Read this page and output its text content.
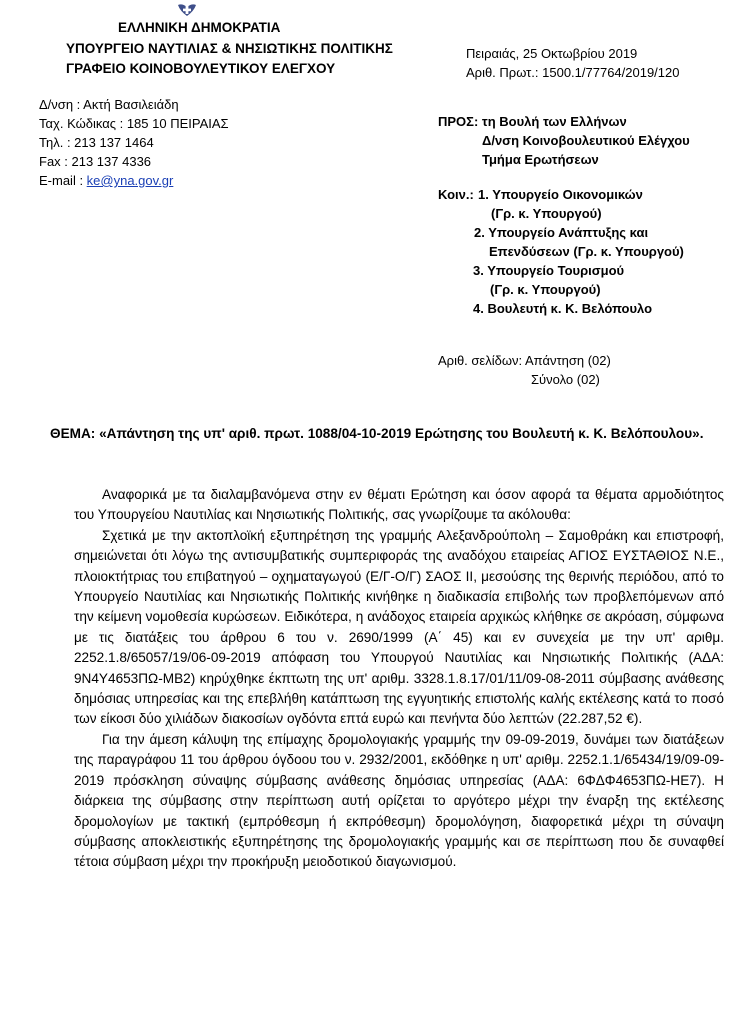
ΕΛΛΗΝΙΚΗ ΔΗΜΟΚΡΑΤΙΑ
ΥΠΟΥΡΓΕΙΟ ΝΑΥΤΙΛΙΑΣ & ΝΗΣΙΩΤΙΚΗΣ ΠΟΛΙΤΙΚΗΣ
ΓΡΑΦΕΙΟ ΚΟΙΝΟΒΟΥΛΕΥΤΙΚΟΥ ΕΛΕΓΧΟΥ
Πειραιάς, 25 Οκτωβρίου 2019
Αριθ. Πρωτ.: 1500.1/77764/2019/120
Δ/νση : Ακτή Βασιλειάδη
Ταχ. Κώδικας : 185 10 ΠΕΙΡΑΙΑΣ
Τηλ. : 213 137 1464
Fax : 213 137 4336
E-mail : ke@yna.gov.gr
ΠΡΟΣ: τη Βουλή των Ελλήνων
Δ/νση Κοινοβουλευτικού Ελέγχου
Τμήμα Ερωτήσεων
Κοιν.: 1. Υπουργείο Οικονομικών
(Γρ. κ. Υπουργού)
2. Υπουργείο Ανάπτυξης και
Επενδύσεων (Γρ. κ. Υπουργού)
3. Υπουργείο Τουρισμού
(Γρ. κ. Υπουργού)
4. Βουλευτή κ. Κ. Βελόπουλο
Αριθ. σελίδων: Απάντηση (02)
Σύνολο (02)
ΘΕΜΑ: «Απάντηση της υπ' αριθ. πρωτ. 1088/04-10-2019 Ερώτησης του Βουλευτή κ. Κ. Βελόπουλου».

Αναφορικά με τα διαλαμβανόμενα στην εν θέματι Ερώτηση και όσον αφορά τα θέματα αρμοδιότητος του Υπουργείου Ναυτιλίας και Νησιωτικής Πολιτικής, σας γνωρίζουμε τα ακόλουθα:

Σχετικά με την ακτοπλοϊκή εξυπηρέτηση της γραμμής Αλεξανδρούπολη – Σαμοθράκη και επιστροφή, σημειώνεται ότι λόγω της αντισυμβατικής συμπεριφοράς της αναδόχου εταιρείας ΑΓΙΟΣ ΕΥΣΤΑΘΙΟΣ Ν.Ε., πλοιοκτήτριας του επιβατηγού – οχηματαγωγού (Ε/Γ-Ο/Γ) ΣΑΟΣ ΙΙ, μεσούσης της θερινής περιόδου, από το Υπουργείο Ναυτιλίας και Νησιωτικής Πολιτικής κινήθηκε η διαδικασία επιβολής των προβλεπόμενων από την κείμενη νομοθεσία κυρώσεων. Ειδικότερα, η ανάδοχος εταιρεία αρχικώς κλήθηκε σε ακρόαση, σύμφωνα με τις διατάξεις του άρθρου 6 του ν. 2690/1999 (Α΄ 45) και εν συνεχεία με την υπ' αριθμ. 2252.1.8/65057/19/06-09-2019 απόφαση του Υπουργού Ναυτιλίας και Νησιωτικής Πολιτικής (ΑΔΑ: 9Ν4Υ4653ΠΩ-ΜΒ2) κηρύχθηκε έκπτωτη της υπ' αριθμ. 3328.1.8.17/01/11/09-08-2011 σύμβασης ανάθεσης δημόσιας υπηρεσίας και της επεβλήθη κατάπτωση της εγγυητικής επιστολής καλής εκτέλεσης κατά το ποσό των είκοσι δύο χιλιάδων διακοσίων ογδόντα επτά ευρώ και πενήντα δύο λεπτών (22.287,52 €).

Για την άμεση κάλυψη της επίμαχης δρομολογιακής γραμμής την 09-09-2019, δυνάμει των διατάξεων της παραγράφου 11 του άρθρου όγδοου του ν. 2932/2001, εκδόθηκε η υπ' αριθμ. 2252.1.1/65434/19/09-09-2019 πρόσκληση σύναψης σύμβασης ανάθεσης δημόσιας υπηρεσίας (ΑΔΑ: 6ΦΔΦ4653ΠΩ-ΗΕ7). Η διάρκεια της σύμβασης στην περίπτωση αυτή ορίζεται το αργότερο μέχρι την έναρξη της εκτέλεσης δρομολογίων με τακτική (εμπρόθεσμη ή εκπρόθεσμη) δρομολόγηση, διαφορετικά μέχρι τη σύναψη σύμβασης αποκλειστικής εξυπηρέτησης της δρομολογιακής γραμμής και σε περίπτωση που δε συναφθεί τέτοια σύμβαση μέχρι την προκήρυξη μειοδοτικού διαγωνισμού.
